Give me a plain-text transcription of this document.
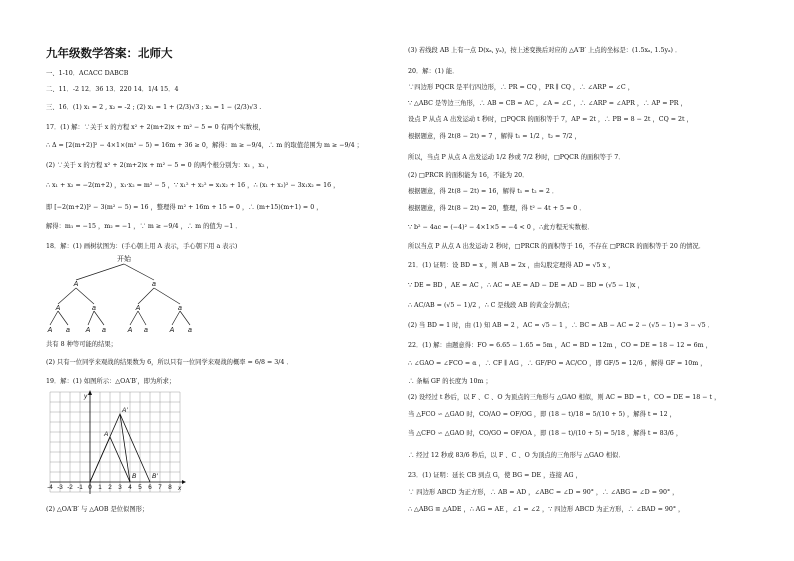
九年级数学答案：北师大
一、1-10．ACACC DABCB
二、11．-2 12．36 13．220 14．1/4 15．4
三、16．(1) x₁ = 2 , x₂ = -2 ; (2) x₁ = 1 + (2/3)√3 ; x₂ = 1 − (2/3)√3 .
17．(1) 解：∵关于 x 的方程 x² + 2(m+2)x + m² − 5 = 0 有两个实数根，
∴ Δ = [2(m+2)]² − 4×1×(m² − 5) = 16m + 36 ≥ 0，解得：m ≥ −9/4，∴ m 的取值范围为 m ≥ −9/4 ；
(2) ∵关于 x 的方程 x² + 2(m+2)x + m² − 5 = 0 的两个根分别为：x₁ ，x₂ ，
∴ x₁ + x₂ = −2(m+2) ，x₁·x₂ = m² − 5 ，∵ x₁² + x₂² = x₁x₂ + 16 ，∴ (x₁ + x₂)² − 3x₁x₂ = 16 ，
即 [−2(m+2)]² − 3(m² − 5) = 16 ，整理得 m² + 16m + 15 = 0 ，∴ (m+15)(m+1) = 0 ，
解得：m₁ = −15 ，m₂ = −1 ，∵ m ≥ −9/4 ，∴ m 的值为 −1 ．
18．解：(1) 画树状图为：(手心朝上用 A 表示，手心朝下用 a 表示)
开始
A	a
A	a	A	a
A a A a	A a	A a
共有 8 种等可能的结果；
(2) 只有一位同学来观战的结果数为 6，所以只有一位同学来观战的概率 = 6/8 = 3/4 ．
19．解：(1) 如图所示：△OA′B′，即为所求；
y
x
A′
A
B B′
-4 -3 -2 -1 0 1 2 3 4 5 6 7 8
(2) △OA′B′ 与 △AOB 是位似图形；
(3) 若线段 AB 上有一点 D(xₐ, yₐ)，按上述变换后对应的 △A′B′ 上点的坐标是：(1.5xₐ, 1.5yₐ) ．
20．解：(1) 能．
∵四边形 PQCR 是平行四边形，∴ PR = CQ ，PR ∥ CQ ，∴ ∠ARP = ∠C ，
∵ △ABC 是等边三角形，∴ AB = CB = AC ，∠A = ∠C ，∴ ∠ARP = ∠APR ，∴ AP = PR ，
设点 P 从点 A 出发运动 t 秒时，□PQCR 的面积等于 7，AP = 2t ，∴ PB = 8 − 2t ，CQ = 2t ，
根据题意，得 2t(8 − 2t) = 7 ，解得 t₁ = 1/2 ，t₂ = 7/2 ，
所以，当点 P 从点 A 出发运动 1/2 秒或 7/2 秒时，□PQCR 的面积等于 7．
(2) □PRCR 的面积能为 16，不能为 20．
根据题意，得 2t(8 − 2t) = 16，解得 t₁ = t₂ = 2 ．
根据题意，得 2t(8 − 2t) = 20，整理，得 t² − 4t + 5 = 0 ．
∵ b² − 4ac = (−4)² − 4×1×5 = −4 < 0 ，∴此方程无实数根．
所以当点 P 从点 A 出发运动 2 秒时，□PRCR 的面积等于 16，不存在 □PRCR 的面积等于 20 的情况．
21．(1) 证明：设 BD = x ，则 AB = 2x ，由勾股定理得 AD = √5 x ，
∵ DE = BD ，AE = AC ，∴ AC = AE = AD − DE = AD − BD = (√5 − 1)x ，
∴ AC/AB = (√5 − 1)/2 ，∴ C 是线段 AB 的黄金分割点；
(2) 当 BD = 1 时，由 (1) 知 AB = 2 ，AC = √5 − 1 ，∴ BC = AB − AC = 2 − (√5 − 1) = 3 − √5 ．
22．(1) 解：由题意得：FO = 6.65 − 1.65 = 5m ，AC = BD = 12m ，CO = DE = 18 − 12 = 6m ，
∴ ∠GAO = ∠FCO = α ，∴ CF ∥ AG ，∴ GF/FO = AC/CO ，即 GF/5 = 12/6 ，解得 GF = 10m ，
∴ 条幅 GF 的长度为 10m ；
(2) 设经过 t 秒后，以 F 、C 、O 为顶点的三角形与 △GAO 相似，则 AC = BD = t ，CO = DE = 18 − t ，
当 △FCO ∽ △GAO 时，CO/AO = OF/OG ，即 (18 − t)/18 = 5/(10 + 5) ，解得 t = 12 ，
当 △CFO ∽ △GAO 时，CO/GO = OF/OA ，即 (18 − t)/(10 + 5) = 5/18 ，解得 t = 83/6 ，
∴ 经过 12 秒或 83/6 秒后，以 F 、C 、O 为顶点的三角形与 △GAO 相似．
23．(1) 证明：延长 CB 到点 G，使 BG = DE ，连接 AG ，
∵ 四边形 ABCD 为正方形，∴ AB = AD ，∠ABC = ∠D = 90° ，∴ ∠ABG = ∠D = 90° ，
∴ △ABG ≌ △ADE ，∴ AG = AE ，∠1 = ∠2 ，∵ 四边形 ABCD 为正方形，∴ ∠BAD = 90° ，
